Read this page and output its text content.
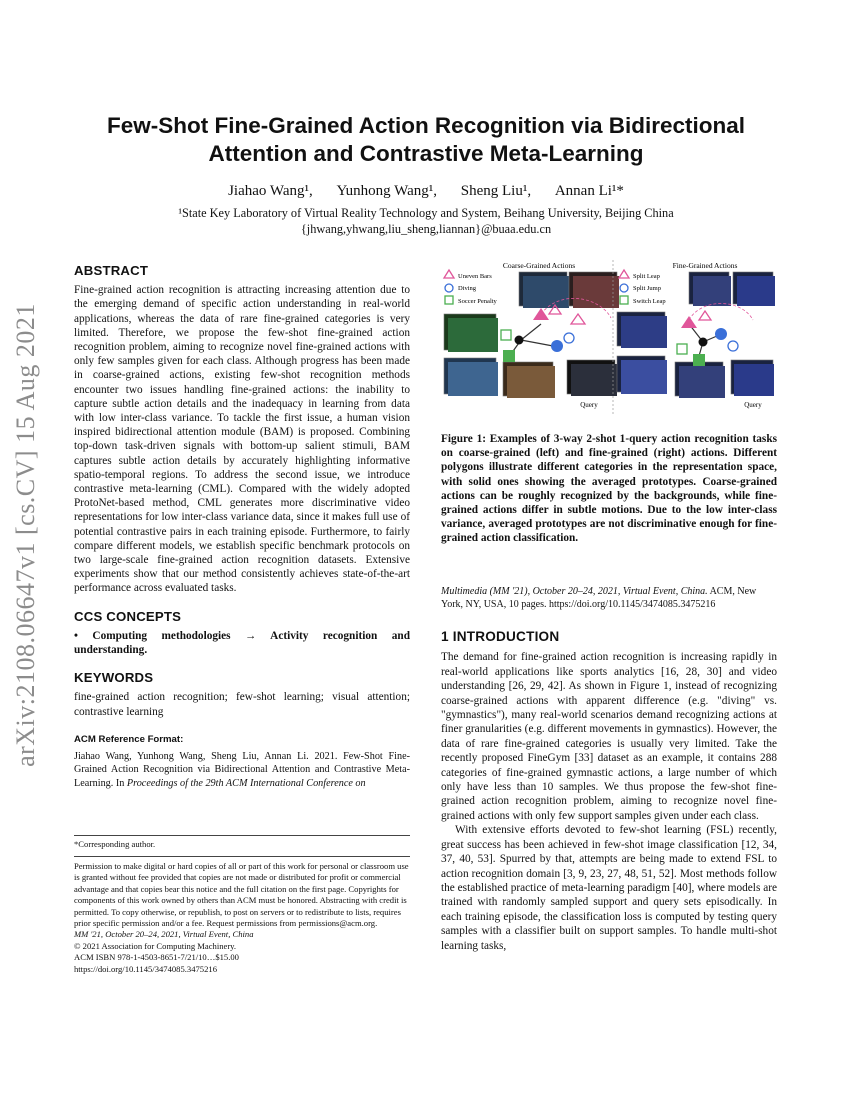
arXiv:2108.06647v1 [cs.CV] 15 Aug 2021
Few-Shot Fine-Grained Action Recognition via Bidirectional Attention and Contrastive Meta-Learning
Jiahao Wang¹, Yunhong Wang¹, Sheng Liu¹, Annan Li¹*
¹State Key Laboratory of Virtual Reality Technology and System, Beihang University, Beijing China
{jhwang,yhwang,liu_sheng,liannan}@buaa.edu.cn
ABSTRACT

Fine-grained action recognition is attracting increasing attention due to the emerging demand of specific action understanding in real-world applications, whereas the data of rare fine-grained categories is very limited. Therefore, we propose the few-shot fine-grained action recognition problem, aiming to recognize novel fine-grained actions with only few samples given for each class. Although progress has been made in coarse-grained actions, existing few-shot recognition methods encounter two issues handling fine-grained actions: the inability to capture subtle action details and the inadequacy in learning from data with low inter-class variance. To tackle the first issue, a human vision inspired bidirectional attention module (BAM) is proposed. Combining top-down task-driven signals with bottom-up salient stimuli, BAM captures subtle action details by accurately highlighting informative spatio-temporal regions. To address the second issue, we introduce contrastive meta-learning (CML). Compared with the widely adopted ProtoNet-based method, CML generates more discriminative video representations for low inter-class variance data, since it makes full use of potential contrastive pairs in each training episode. Furthermore, to fairly compare different models, we establish specific benchmark protocols on two large-scale fine-grained action recognition datasets. Extensive experiments show that our method consistently achieves state-of-the-art performance across evaluated tasks.

CCS CONCEPTS

• Computing methodologies → Activity recognition and understanding.

KEYWORDS

fine-grained action recognition; few-shot learning; visual attention; contrastive learning

ACM Reference Format:

Jiahao Wang, Yunhong Wang, Sheng Liu, Annan Li. 2021. Few-Shot Fine-Grained Action Recognition via Bidirectional Attention and Contrastive Meta-Learning. In Proceedings of the 29th ACM International Conference on

*Corresponding author.
Permission to make digital or hard copies of all or part of this work for personal or classroom use is granted without fee provided that copies are not made or distributed for profit or commercial advantage and that copies bear this notice and the full citation on the first page. Copyrights for components of this work owned by others than ACM must be honored. Abstracting with credit is permitted. To copy otherwise, or republish, to post on servers or to redistribute to lists, requires prior specific permission and/or a fee. Request permissions from permissions@acm.org.
MM '21, October 20–24, 2021, Virtual Event, China
© 2021 Association for Computing Machinery.
ACM ISBN 978-1-4503-8651-7/21/10…$15.00
https://doi.org/10.1145/3474085.3475216
Coarse-Grained Actions
Uneven Bars
Diving
Soccer Penalty
Query
Fine-Grained Actions
Split Leap
Split Jump
Switch Leap
Query
Figure 1: Examples of 3-way 2-shot 1-query action recognition tasks on coarse-grained (left) and fine-grained (right) actions. Different polygons illustrate different categories in the representation space, with solid ones showing the averaged prototypes. Coarse-grained actions can be roughly recognized by the backgrounds, while fine-grained actions differ in subtle motions. Due to the low inter-class variance, averaged prototypes are not discriminative enough for fine-grained action classification.
Multimedia (MM '21), October 20–24, 2021, Virtual Event, China. ACM, New York, NY, USA, 10 pages. https://doi.org/10.1145/3474085.3475216
1 INTRODUCTION

The demand for fine-grained action recognition is increasing rapidly in real-world applications like sports analytics [16, 28, 30] and video understanding [26, 29, 42]. As shown in Figure 1, instead of recognizing coarse-grained actions with apparent difference (e.g. "diving" vs. "gymnastics"), many real-world scenarios demand recognizing actions at finer granularities (e.g. different movements in gymnastics). However, the data of rare fine-grained categories is usually very limited. Take the recently proposed FineGym [33] dataset as an example, it contains 288 categories of fine-grained gymnastic actions, a large number of which only have less than 10 samples. We thus propose the few-shot fine-grained action recognition problem, aiming to recognize novel fine-grained actions with only few support samples given under each class.

With extensive efforts devoted to few-shot learning (FSL) recently, great success has been achieved in few-shot image classification [12, 34, 37, 40, 53]. Spurred by that, attempts are being made to extend FSL to action recognition domain [3, 9, 23, 27, 48, 51, 52]. Most methods follow the established practice of meta-learning paradigm [40], where models are trained with randomly sampled support and query sets episodically. In each training episode, the classification loss is computed by testing query samples with a classifier built on support samples. To handle multi-shot learning tasks,
